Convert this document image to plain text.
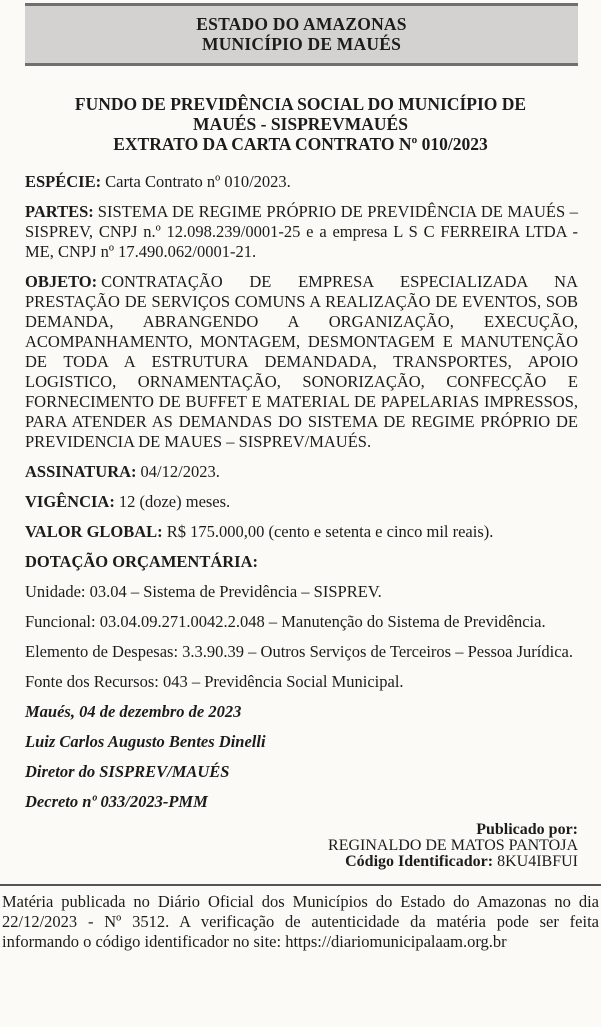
ESTADO DO AMAZONAS
MUNICÍPIO DE MAUÉS
FUNDO DE PREVIDÊNCIA SOCIAL DO MUNICÍPIO DE MAUÉS - SISPREVMAUÉS
EXTRATO DA CARTA CONTRATO Nº 010/2023

ESPÉCIE: Carta Contrato nº 010/2023.

PARTES: SISTEMA DE REGIME PRÓPRIO DE PREVIDÊNCIA DE MAUÉS – SISPREV, CNPJ n.º 12.098.239/0001-25 e a empresa L S C FERREIRA LTDA - ME, CNPJ nº 17.490.062/0001-21.

OBJETO: CONTRATAÇÃO DE EMPRESA ESPECIALIZADA NA PRESTAÇÃO DE SERVIÇOS COMUNS A REALIZAÇÃO DE EVENTOS, SOB DEMANDA, ABRANGENDO A ORGANIZAÇÃO, EXECUÇÃO, ACOMPANHAMENTO, MONTAGEM, DESMONTAGEM E MANUTENÇÃO DE TODA A ESTRUTURA DEMANDADA, TRANSPORTES, APOIO LOGISTICO, ORNAMENTAÇÃO, SONORIZAÇÃO, CONFECÇÃO E FORNECIMENTO DE BUFFET E MATERIAL DE PAPELARIAS IMPRESSOS, PARA ATENDER AS DEMANDAS DO SISTEMA DE REGIME PRÓPRIO DE PREVIDENCIA DE MAUES – SISPREV/MAUÉS.

ASSINATURA: 04/12/2023.

VIGÊNCIA: 12 (doze) meses.

VALOR GLOBAL: R$ 175.000,00 (cento e setenta e cinco mil reais).

DOTAÇÃO ORÇAMENTÁRIA:

Unidade: 03.04 – Sistema de Previdência – SISPREV.

Funcional: 03.04.09.271.0042.2.048 – Manutenção do Sistema de Previdência.

Elemento de Despesas: 3.3.90.39 – Outros Serviços de Terceiros – Pessoa Jurídica.

Fonte dos Recursos: 043 – Previdência Social Municipal.

Maués, 04 de dezembro de 2023

Luiz Carlos Augusto Bentes Dinelli

Diretor do SISPREV/MAUÉS

Decreto nº 033/2023-PMM

Publicado por:

REGINALDO DE MATOS PANTOJA

Código Identificador: 8KU4IBFUI

Matéria publicada no Diário Oficial dos Municípios do Estado do Amazonas no dia 22/12/2023 - Nº 3512. A verificação de autenticidade da matéria pode ser feita informando o código identificador no site: https://diariomunicipalaam.org.br
